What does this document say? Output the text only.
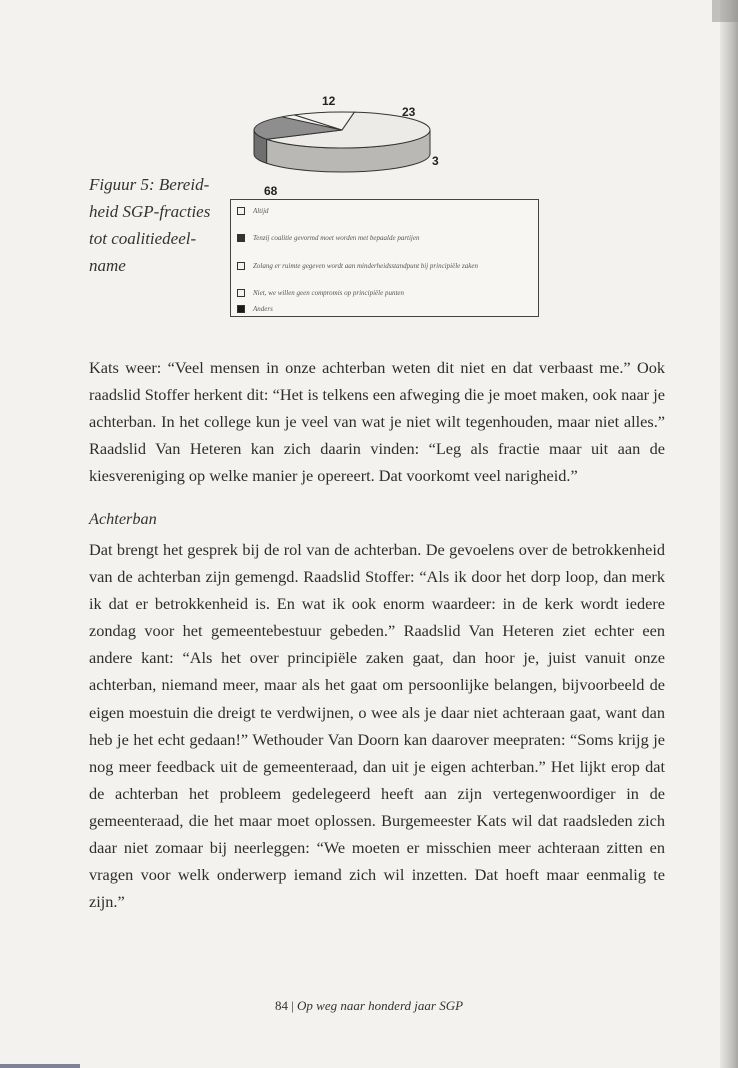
Figuur 5: Bereid-
heid SGP-fracties
tot coalitiedeel-
name
68
23
3
12
Altijd
Tenzij coalitie gevormd moet worden met bepaalde partijen
Zolang er ruimte gegeven wordt aan minderheidsstandpunt bij principiële zaken
Niet, we willen geen compromis op principiële punten
Anders
Kats weer: “Veel mensen in onze achterban weten dit niet en dat verbaast me.” Ook raadslid Stoffer herkent dit: “Het is telkens een afweging die je moet maken, ook naar je achterban. In het college kun je veel van wat je niet wilt tegenhouden, maar niet alles.” Raadslid Van Heteren kan zich daarin vinden: “Leg als fractie maar uit aan de kiesvereniging op welke manier je opereert. Dat voorkomt veel narigheid.”
Achterban
Dat brengt het gesprek bij de rol van de achterban. De gevoelens over de betrokkenheid van de achterban zijn gemengd. Raadslid Stoffer: “Als ik door het dorp loop, dan merk ik dat er betrokkenheid is. En wat ik ook enorm waardeer: in de kerk wordt iedere zondag voor het gemeentebestuur gebeden.” Raadslid Van Heteren ziet echter een andere kant: “Als het over principiële zaken gaat, dan hoor je, juist vanuit onze achterban, niemand meer, maar als het gaat om persoonlijke belangen, bijvoorbeeld de eigen moestuin die dreigt te verdwijnen, o wee als je daar niet achteraan gaat, want dan heb je het echt gedaan!” Wethouder Van Doorn kan daarover meepraten: “Soms krijg je nog meer feedback uit de gemeenteraad, dan uit je eigen achterban.” Het lijkt erop dat de achterban het probleem gedelegeerd heeft aan zijn vertegenwoordiger in de gemeenteraad, die het maar moet oplossen. Burgemeester Kats wil dat raadsleden zich daar niet zomaar bij neerleggen: “We moeten er misschien meer achteraan zitten en vragen voor welk onderwerp iemand zich wil inzetten. Dat hoeft maar eenmalig te zijn.”
84 | Op weg naar honderd jaar SGP
